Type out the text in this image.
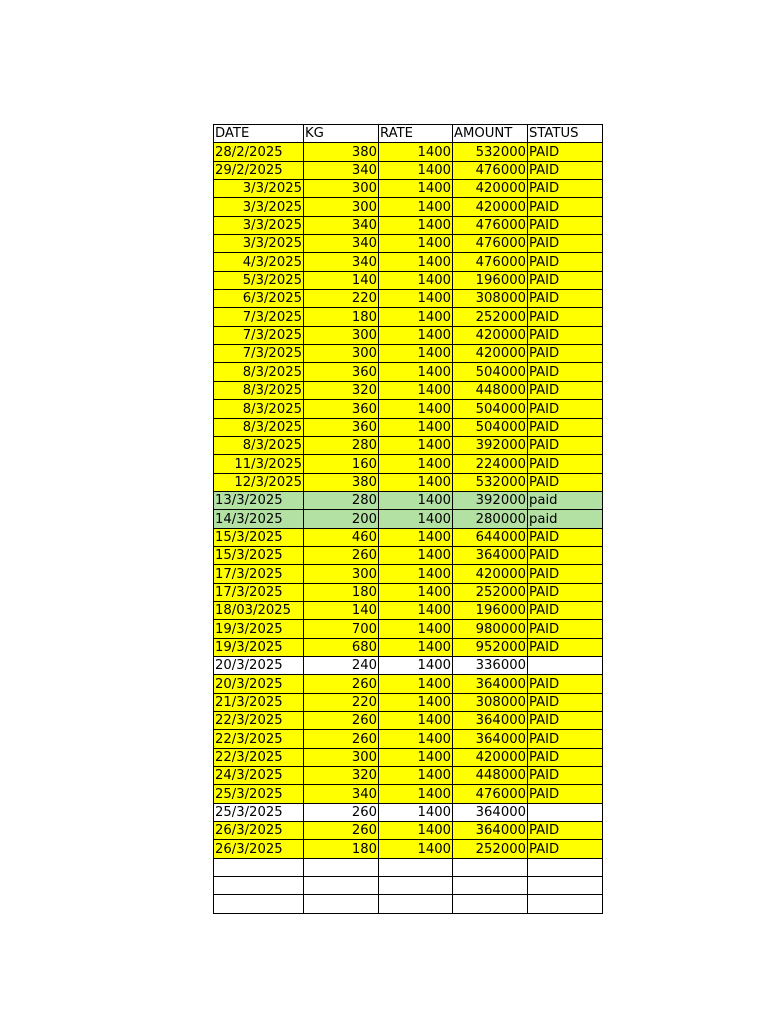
DATE	KG	RATE	AMOUNT	STATUS
28/2/2025	380	1400	532000	PAID
29/2/2025	340	1400	476000	PAID
3/3/2025	300	1400	420000	PAID
3/3/2025	300	1400	420000	PAID
3/3/2025	340	1400	476000	PAID
3/3/2025	340	1400	476000	PAID
4/3/2025	340	1400	476000	PAID
5/3/2025	140	1400	196000	PAID
6/3/2025	220	1400	308000	PAID
7/3/2025	180	1400	252000	PAID
7/3/2025	300	1400	420000	PAID
7/3/2025	300	1400	420000	PAID
8/3/2025	360	1400	504000	PAID
8/3/2025	320	1400	448000	PAID
8/3/2025	360	1400	504000	PAID
8/3/2025	360	1400	504000	PAID
8/3/2025	280	1400	392000	PAID
11/3/2025	160	1400	224000	PAID
12/3/2025	380	1400	532000	PAID
13/3/2025	280	1400	392000	paid
14/3/2025	200	1400	280000	paid
15/3/2025	460	1400	644000	PAID
15/3/2025	260	1400	364000	PAID
17/3/2025	300	1400	420000	PAID
17/3/2025	180	1400	252000	PAID
18/03/2025	140	1400	196000	PAID
19/3/2025	700	1400	980000	PAID
19/3/2025	680	1400	952000	PAID
20/3/2025	240	1400	336000	
20/3/2025	260	1400	364000	PAID
21/3/2025	220	1400	308000	PAID
22/3/2025	260	1400	364000	PAID
22/3/2025	260	1400	364000	PAID
22/3/2025	300	1400	420000	PAID
24/3/2025	320	1400	448000	PAID
25/3/2025	340	1400	476000	PAID
25/3/2025	260	1400	364000	
26/3/2025	260	1400	364000	PAID
26/3/2025	180	1400	252000	PAID
